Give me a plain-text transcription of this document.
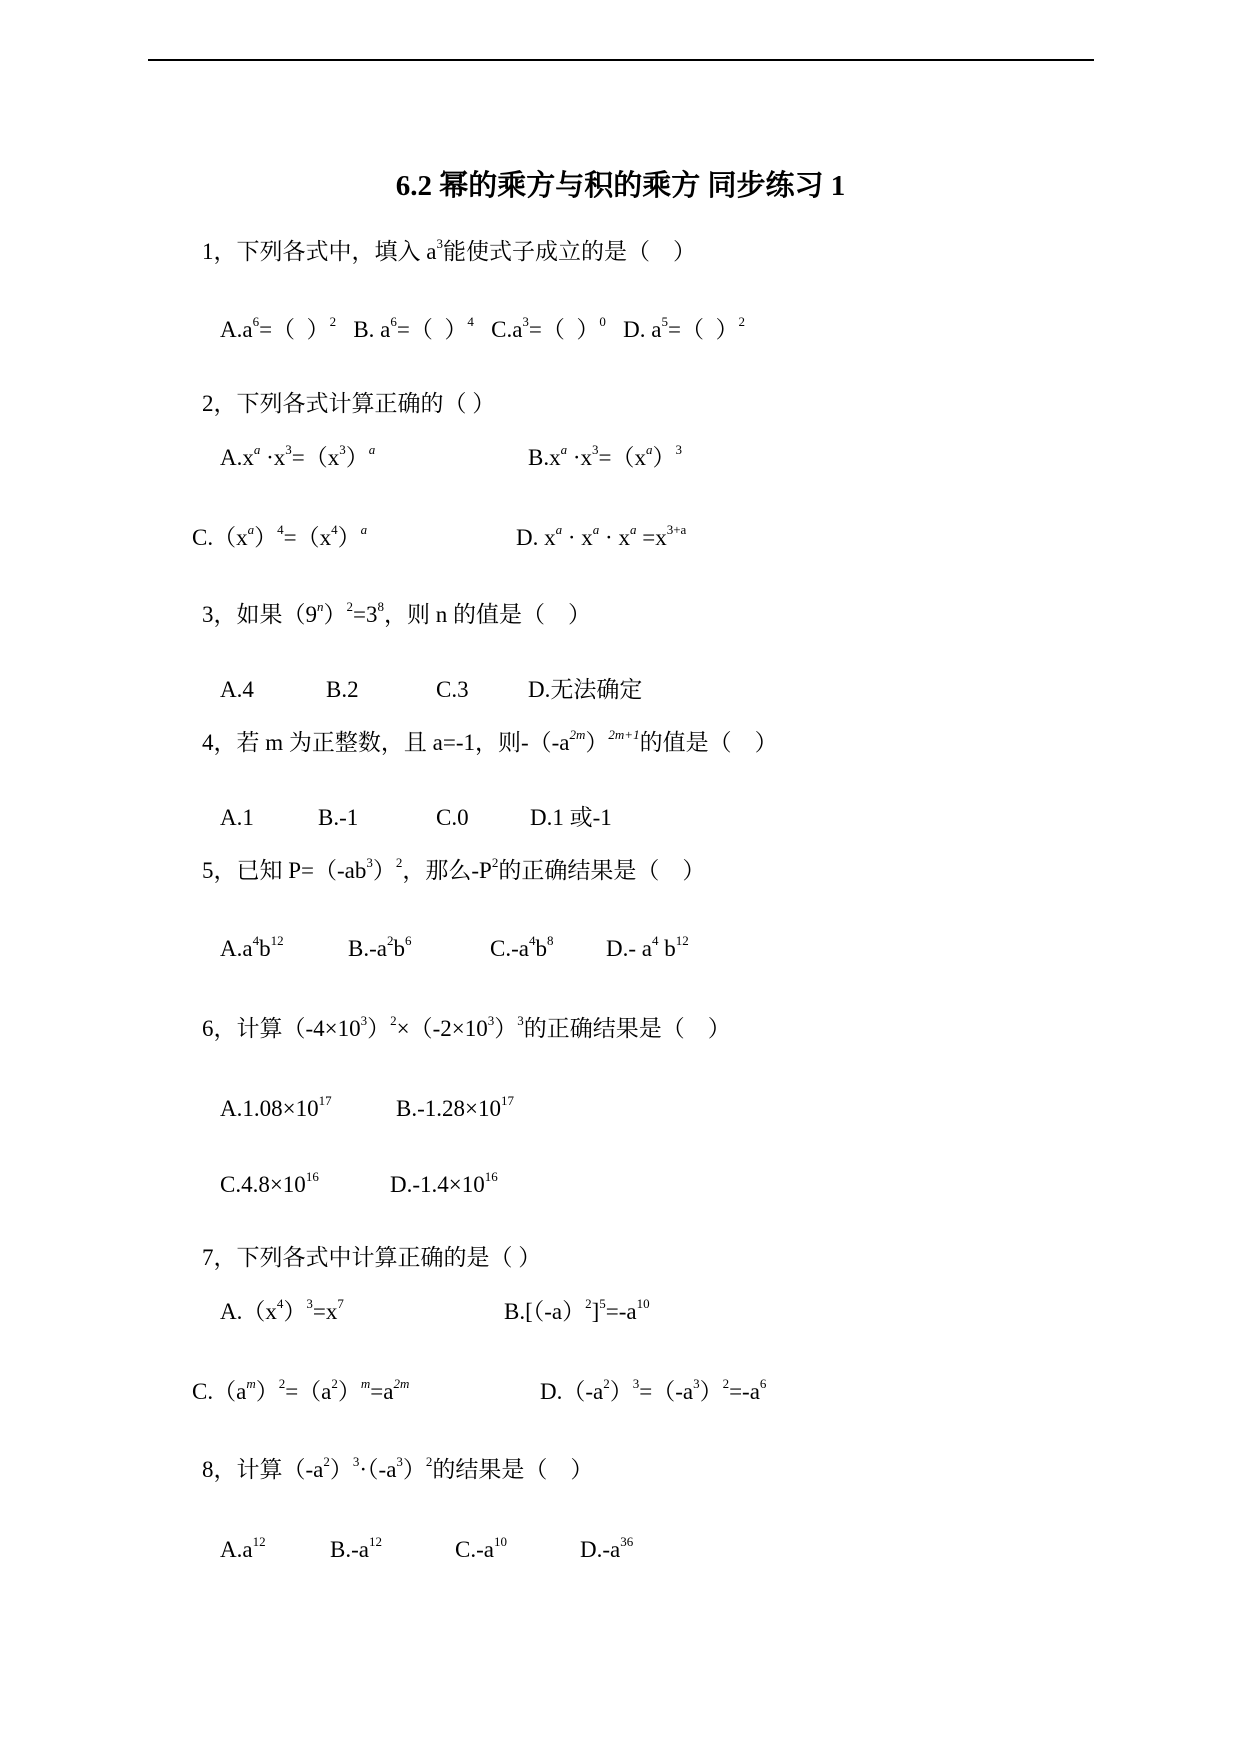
6.2 幂的乘方与积的乘方 同步练习 1
1，下列各式中，填入 $a^3$能使式子成立的是（    ）
$A.a^6=$（  ）$^2$   B. $a^6=$（  ）$^4$   $C.a^3=$（  ）$^0$   D. $a^5=$（  ）$^2$
2，下列各式计算正确的（ ）
$A.x^a \cdot x^3=(x^3)^a$	$B.x^a \cdot x^3=(x^a)^3$
$C.(x^a)^4=(x^4)^a$	D. $x^a \cdot x^a \cdot x^a =x^{3+a}$
3，如果$(9^n)^2=3^8$，则 n 的值是（    ）
A.4	B.2	C.3	D.无法确定
4，若 m 为正整数，且 a=-1，则$-(-a^{2m})^{2m+1}$的值是（    ）
A.1	B.-1	C.0	D.1 或-1
5，已知 $P=(-ab^3)^2$，那么$-P^2$的正确结果是（    ）
$A.a^4b^{12}$	$B.-a^2b^6$	$C.-a^4b^8$ D.- $a^4$ $b^{12}$
6，计算$(-4\times 10^3)^2\times(-2\times 10^3)^3$的正确结果是（    ）
$A.1.08\times 10^{17}$	$B.-1.28\times 10^{17}$
$C.4.8\times 10^{16}$	$D.-1.4\times 10^{16}$
7，下列各式中计算正确的是（ ）
$A.(x^4)^3=x^7$	$B.[(-a)^2]^5=-a^{10}$
$C.(a^m)^2=(a^2)^m=a^{2m}$	$D.(-a^2)^3=(-a^3)^2=-a^6$
8，计算$(-a^2)^3\cdot(-a^3)^2$的结果是（    ）
$A.a^{12}$	$B.-a^{12}$	$C.-a^{10}$	$D.-a^{36}$
